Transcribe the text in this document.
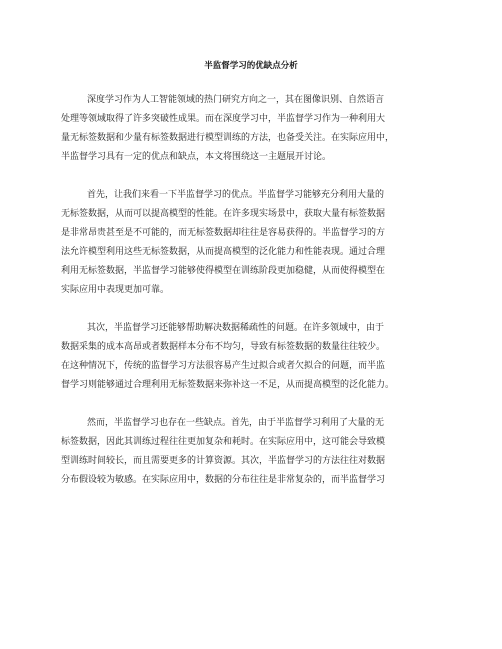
半监督学习的优缺点分析
深度学习作为人工智能领域的热门研究方向之一，其在图像识别、自然语言
处理等领域取得了许多突破性成果。而在深度学习中，半监督学习作为一种利用大
量无标签数据和少量有标签数据进行模型训练的方法，也备受关注。在实际应用中，
半监督学习具有一定的优点和缺点，本文将围绕这一主题展开讨论。
首先，让我们来看一下半监督学习的优点。半监督学习能够充分利用大量的
无标签数据，从而可以提高模型的性能。在许多现实场景中，获取大量有标签数据
是非常昂贵甚至是不可能的，而无标签数据却往往是容易获得的。半监督学习的方
法允许模型利用这些无标签数据，从而提高模型的泛化能力和性能表现。通过合理
利用无标签数据，半监督学习能够使得模型在训练阶段更加稳健，从而使得模型在
实际应用中表现更加可靠。
其次，半监督学习还能够帮助解决数据稀疏性的问题。在许多领域中，由于
数据采集的成本高昂或者数据样本分布不均匀，导致有标签数据的数量往往较少。
在这种情况下，传统的监督学习方法很容易产生过拟合或者欠拟合的问题，而半监
督学习则能够通过合理利用无标签数据来弥补这一不足，从而提高模型的泛化能力。
然而，半监督学习也存在一些缺点。首先，由于半监督学习利用了大量的无
标签数据，因此其训练过程往往更加复杂和耗时。在实际应用中，这可能会导致模
型训练时间较长，而且需要更多的计算资源。其次，半监督学习的方法往往对数据
分布假设较为敏感。在实际应用中，数据的分布往往是非常复杂的，而半监督学习
